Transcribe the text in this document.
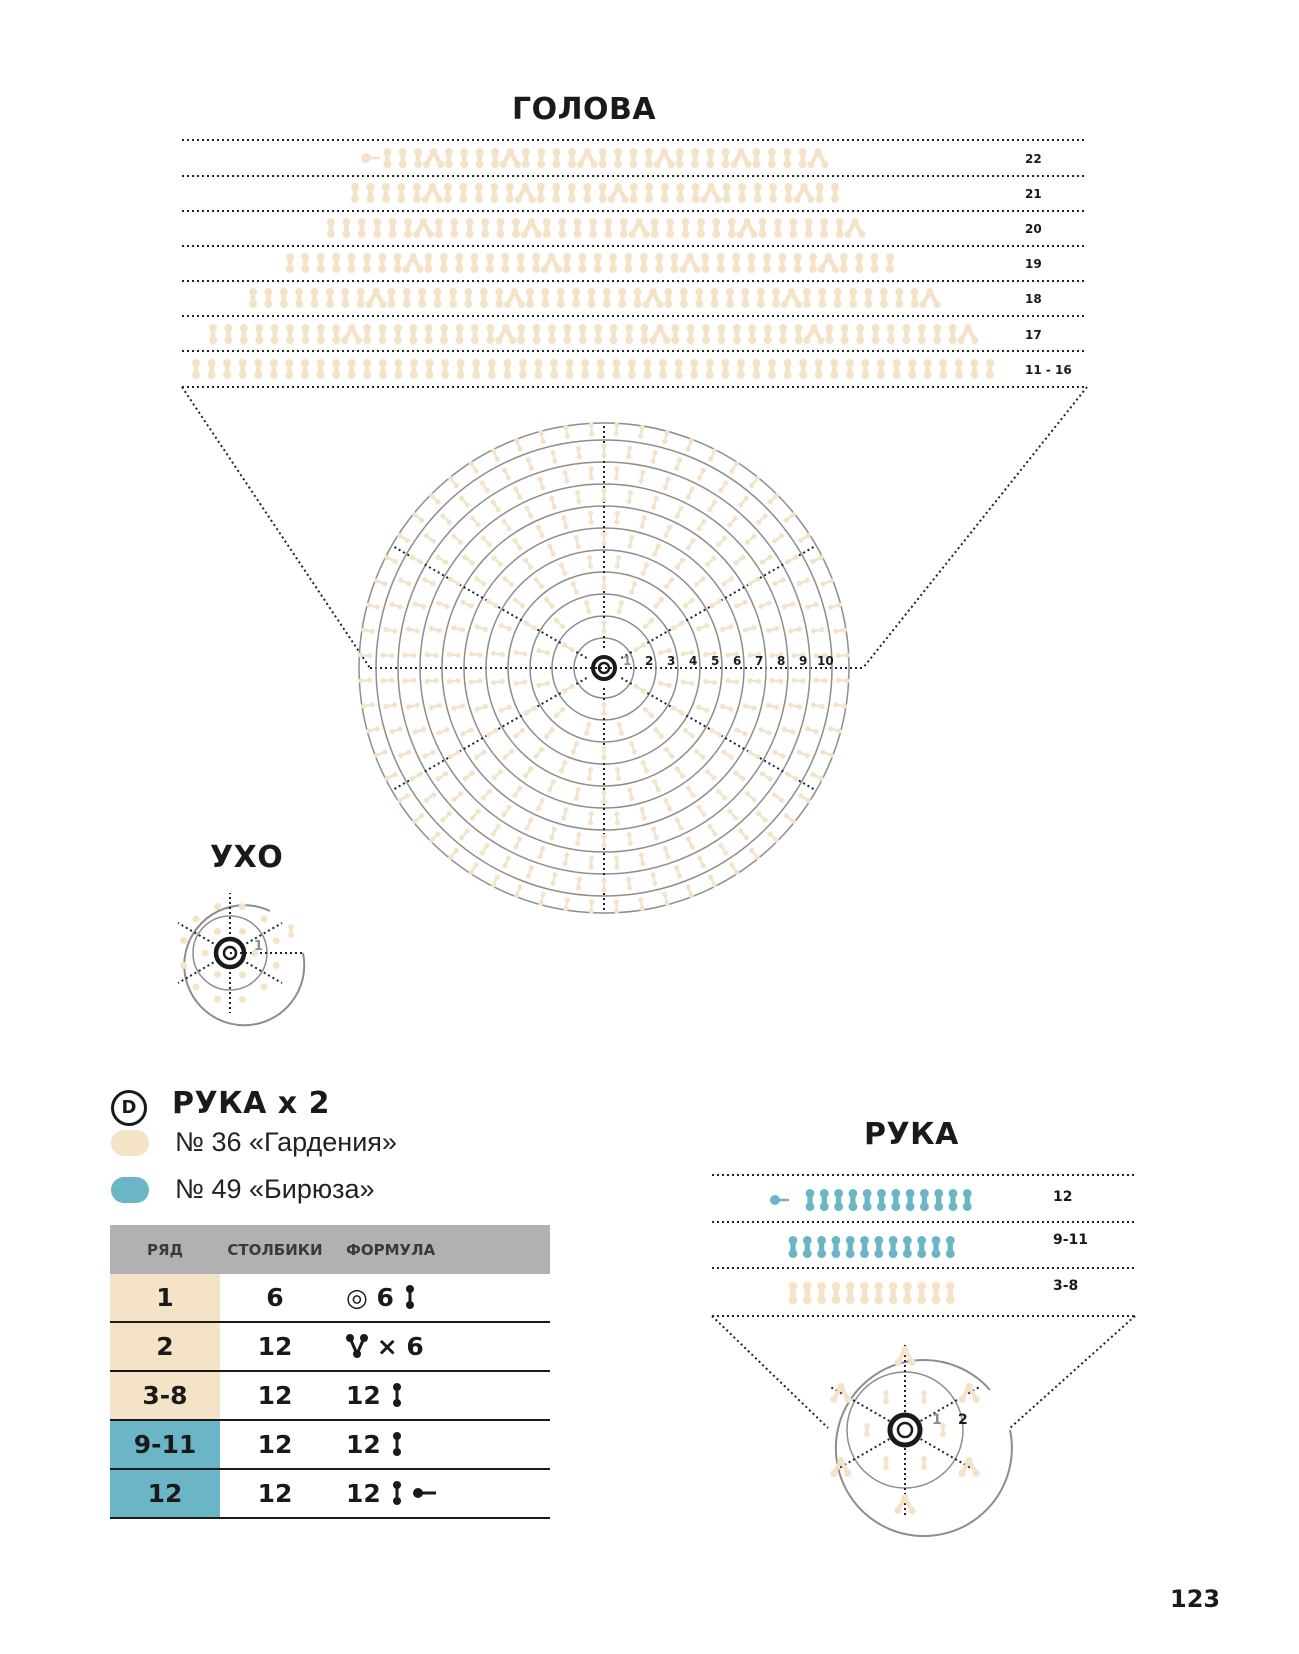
ГОЛОВА
УХО
РУКА
D	РУКА x 2
№ 36 «Гардения»
№ 49 «Бирюза»
РЯД	СТОЛБИКИ	ФОРМУЛА
1	6	◎ 6
2	12	× 6
3-8	12	12
9-11	12	12
12	12	12
123
22
21
20
19
18
17
11 - 16
1 2 3 4 5 6 7 8 9 10
1
12
9-11
3-8
1 2
